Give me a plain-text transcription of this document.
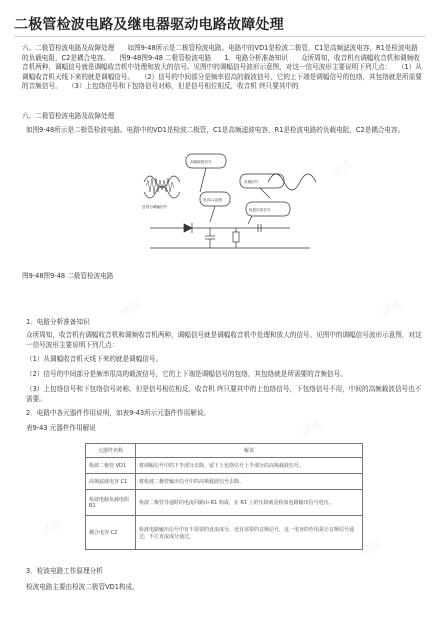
二极管检波电路及继电器驱动电路故障处理
六、二极管检波电路及故障处理　　如图9-48所示是二极管检波电路。电路中的VD1是检波二极管，C1是高频滤波电容，R1是检波电路的负载电阻，C2是耦合电容。　　图9-48图9-48 二极管检波电路　　1．电路分析准备知识　　众所周知，收音机有调幅收音机和调频收音机两种，调幅信号就是调幅收音机中处理和放大的信号。见图中的调幅信号波形示意图，对这一信号波形主要说明下列几点：　　（1）从调幅收音机天线下来的就是调幅信号。　　（2）信号的中间部分是频率很高的载波信号，它的上下端是调幅信号的包络，其包络就是所需要的音频信号。　　（3）上包络信号和下包络信号对称，但是信号相位相反，收音机 终只要其中的
六、二极管检波电路及故障处理
如图9-48所示是二极管检波电路。电路中的VD1是检波二极管，C1是高频滤波电容，R1是检波电路的负载电阻，C2是耦合电容。
高频载波信号
音频信号
电容C1滤波
检波后的信号
包络为调幅信号
图9-48图9-48 二极管检波电路
1．电路分析准备知识
众所周知，收音机有调幅收音机和调频收音机两种，调幅信号就是调幅收音机中处理和放大的信号。见图中的调幅信号波形示意图，对这一信号波形主要说明下列几点：
（1）从调幅收音机天线下来的就是调幅信号。
（2）信号的中间部分是频率很高的载波信号，它的上下端是调幅信号的包络，其包络就是所需要的音频信号。
（3）上包络信号和下包络信号对称，但是信号相位相反，收音机 终只要其中的上包络信号，下包络信号不用，中间的高频载波信号也不需要。
2．电路中各元器件作用说明，如表9-43所示元器件作用解说。
表9-43 元器件作用解说
元器件名称	解说
检波二极管 VD1	将调幅信号中的下半部分去除，留下上包络信号上半部分的高频载波信号。
高频滤波电容 C1	将检波二极管输出信号中的高频载波信号去除。
检波电路负载电阻 R1	检波二极管导通时的电流回路由 R1 构成，在 R1 上的压降就是检波电路输出信号电压。
耦合电容 C2	检波电路输出信号中有不需要的直流成分，还有需要的音频信号，这一电容的作用是让音频信号通过，不让直流成分通过。
3．检波电路工作原理分析
检波电路主要由检波二极管VD1构成。
试读
试读
试读
试读
试读
试读
试读
